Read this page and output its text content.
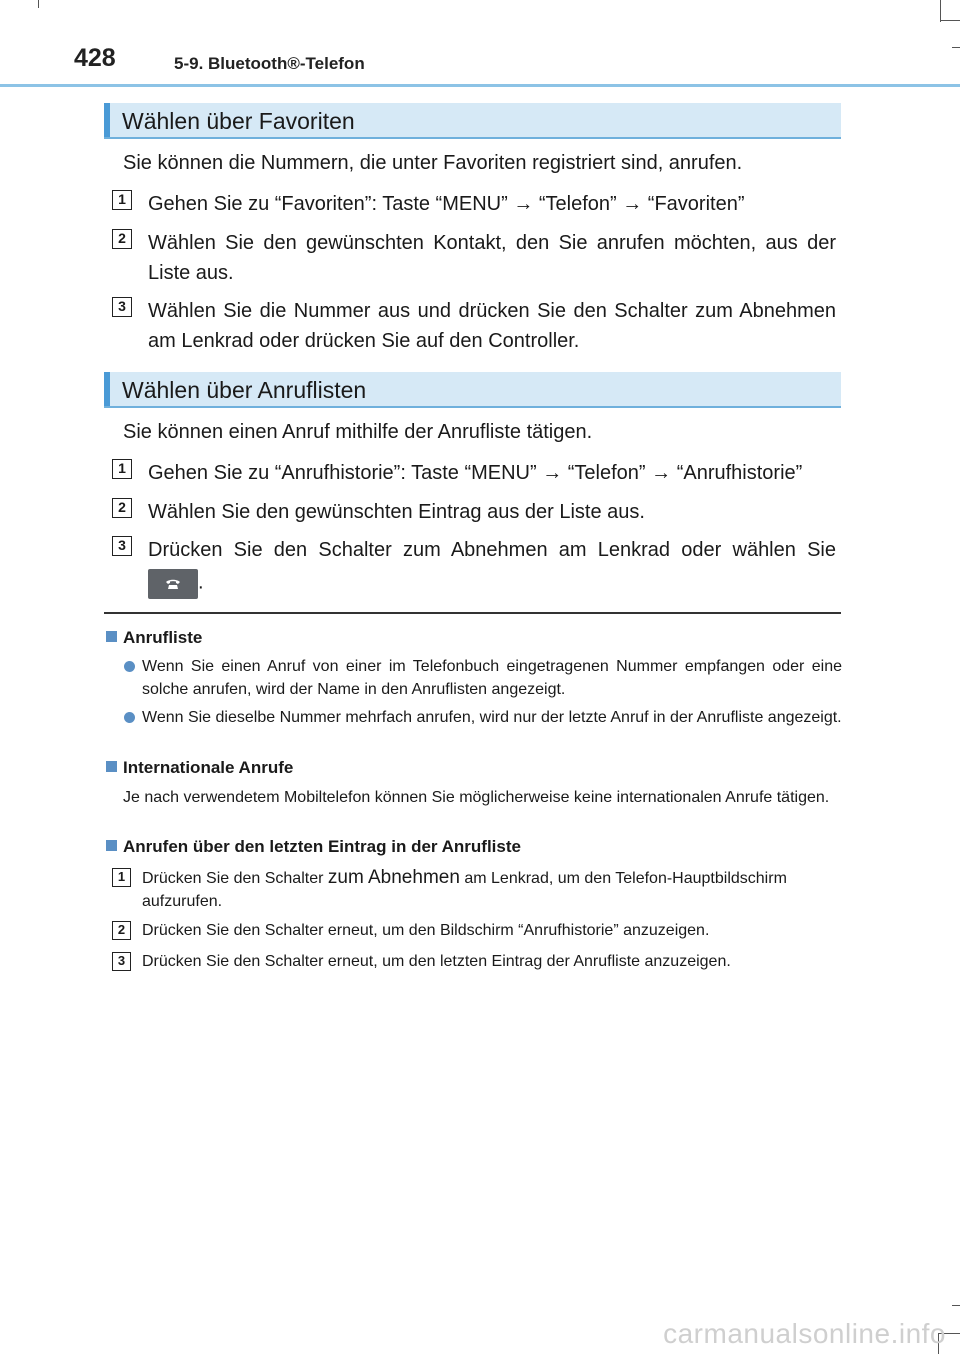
428	5-9. Bluetooth®-Telefon
Wählen über Favoriten
Sie können die Nummern, die unter Favoriten registriert sind, anrufen.
1	Gehen Sie zu “Favoriten”: Taste “MENU” → “Telefon” → “Favoriten”
2	Wählen Sie den gewünschten Kontakt, den Sie anrufen möchten, aus der Liste aus.
3	Wählen Sie die Nummer aus und drücken Sie den Schalter zum Abnehmen am Lenkrad oder drücken Sie auf den Controller.
Wählen über Anruflisten
Sie können einen Anruf mithilfe der Anrufliste tätigen.
1	Gehen Sie zu “Anrufhistorie”: Taste “MENU” → “Telefon” → “Anrufhistorie”
2	Wählen Sie den gewünschten Eintrag aus der Liste aus.
3	Drücken Sie den Schalter zum Abnehmen am Lenkrad oder wählen Sie
.
Anrufliste
Wenn Sie einen Anruf von einer im Telefonbuch eingetragenen Nummer empfangen oder eine solche anrufen, wird der Name in den Anruflisten angezeigt.
Wenn Sie dieselbe Nummer mehrfach anrufen, wird nur der letzte Anruf in der Anrufliste angezeigt.
Internationale Anrufe
Je nach verwendetem Mobiltelefon können Sie möglicherweise keine internationalen Anrufe tätigen.
Anrufen über den letzten Eintrag in der Anrufliste
1	Drücken Sie den Schalter zum Abnehmen am Lenkrad, um den Telefon-Hauptbildschirm aufzurufen.
2	Drücken Sie den Schalter erneut, um den Bildschirm “Anrufhistorie” anzuzeigen.
3	Drücken Sie den Schalter erneut, um den letzten Eintrag der Anrufliste anzuzeigen.
carmanualsonline.info
